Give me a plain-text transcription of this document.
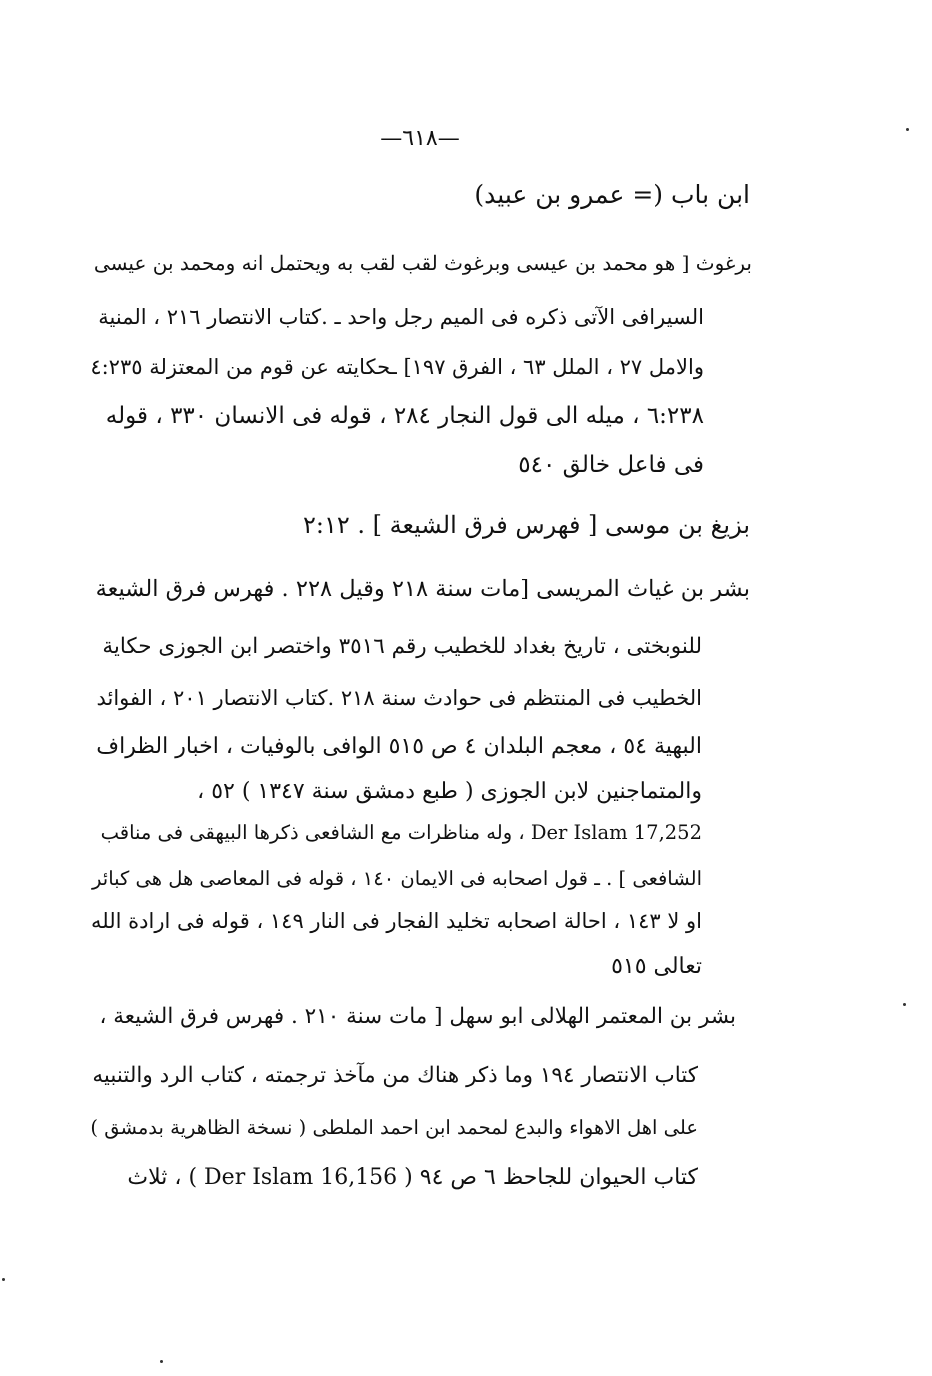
—٦١٨—
ابن باب (= عمرو بن عبيد)
برغوث [ هو محمد بن عيسى وبرغوث لقب لقب به ويحتمل انه ومحمد بن عيسى
السيرافى الآتى ذكره فى الميم رجل واحد ـ .كتاب الانتصار ٢١٦ ، المنية
والامل ٢٧ ، الملل ٦٣ ، الفرق ١٩٧] ـحكايته عن قوم من المعتزلة ٤:٢٣٥
٦:٢٣٨ ، ميله الى قول النجار ٢٨٤ ، قوله فى الانسان ٣٣٠ ، قوله
فى فاعل خالق ٥٤٠
بزيغ بن موسى [ فهرس فرق الشيعة ] . ٢:١٢
بشر بن غياث المريسى [مات سنة ٢١٨ وقيل ٢٢٨ . فهرس فرق الشيعة
للنوبختى ، تاريخ بغداد للخطيب رقم ٣٥١٦ واختصر ابن الجوزى حكاية
الخطيب فى المنتظم فى حوادث سنة ٢١٨ .كتاب الانتصار ٢٠١ ، الفوائد
البهية ٥٤ ، معجم البلدان ٤ ص ٥١٥ الوافى بالوفيات ، اخبار الظراف
والمتماجنين لابن الجوزى ( طبع دمشق سنة ١٣٤٧ ) ٥٢ ،
Der Islam 17,252 ، وله مناظرات مع الشافعى ذكرها البيهقى فى مناقب
الشافعى ] . ـ قول اصحابه فى الايمان ١٤٠ ، قوله فى المعاصى هل هى كبائر
او لا ١٤٣ ، احالة اصحابه تخليد الفجار فى النار ١٤٩ ، قوله فى ارادة الله
تعالى ٥١٥
بشر بن المعتمر الهلالى ابو سهل [ مات سنة ٢١٠ . فهرس فرق الشيعة ،
كتاب الانتصار ١٩٤ وما ذكر هناك من مآخذ ترجمته ، كتاب الرد والتنبيه
على اهل الاهواء والبدع لمحمد ابن احمد الملطى ( نسخة الظاهرية بدمشق )
كتاب الحيوان للجاحظ ٦ ص ٩٤ ( Der Islam 16,156 ) ، ثلاث
